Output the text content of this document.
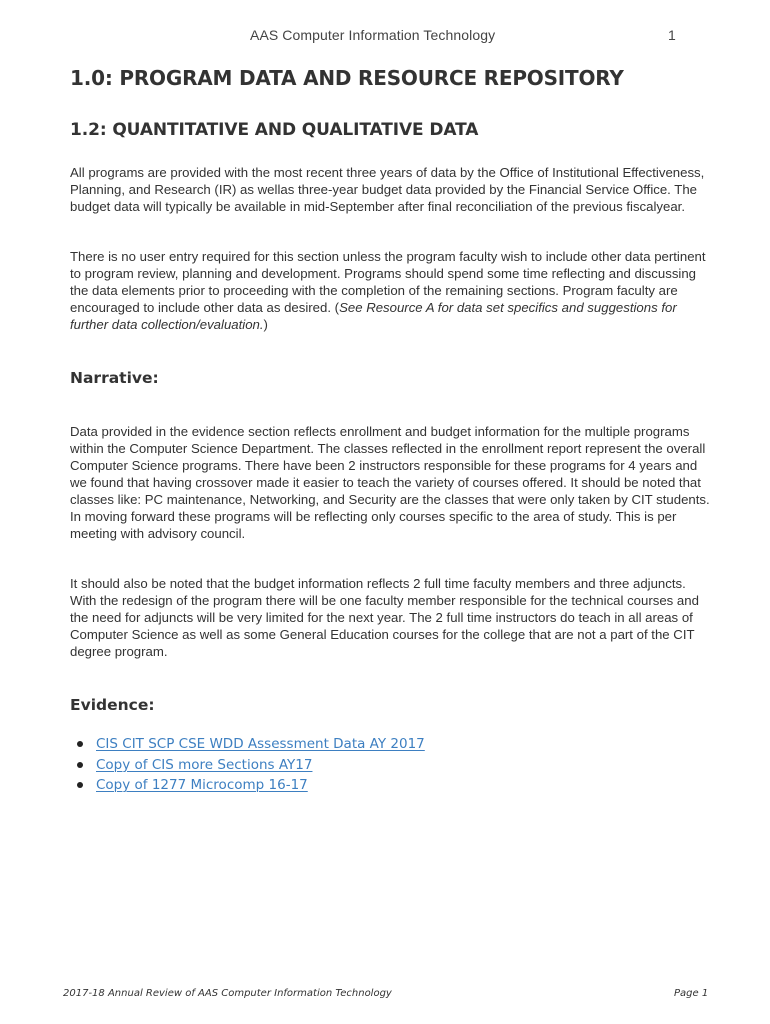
AAS Computer Information Technology	1
1.0: PROGRAM DATA AND RESOURCE REPOSITORY
1.2: QUANTITATIVE AND QUALITATIVE DATA

All programs are provided with the most recent three years of data by the Office of Institutional Effectiveness, Planning, and Research (IR) as wellas three-year budget data provided by the Financial Service Office. The budget data will typically be available in mid-September after final reconciliation of the previous fiscalyear.

There is no user entry required for this section unless the program faculty wish to include other data pertinent to program review, planning and development. Programs should spend some time reflecting and discussing the data elements prior to proceeding with the completion of the remaining sections. Program faculty are encouraged to include other data as desired. (See Resource A for data set specifics and suggestions for further data collection/evaluation.)

Narrative:

Data provided in the evidence section reflects enrollment and budget information for the multiple programs within the Computer Science Department. The classes reflected in the enrollment report represent the overall Computer Science programs. There have been 2 instructors responsible for these programs for 4 years and we found that having crossover made it easier to teach the variety of courses offered. It should be noted that classes like: PC maintenance, Networking, and Security are the classes that were only taken by CIT students. In moving forward these programs will be reflecting only courses specific to the area of study. This is per meeting with advisory council.

It should also be noted that the budget information reflects 2 full time faculty members and three adjuncts. With the redesign of the program there will be one faculty member responsible for the technical courses and the need for adjuncts will be very limited for the next year. The 2 full time instructors do teach in all areas of Computer Science as well as some General Education courses for the college that are not a part of the CIT degree program.

Evidence:
CIS CIT SCP CSE WDD Assessment Data AY 2017
Copy of CIS more Sections AY17
Copy of 1277 Microcomp 16-17
2017-18 Annual Review of AAS Computer Information Technology	Page 1
